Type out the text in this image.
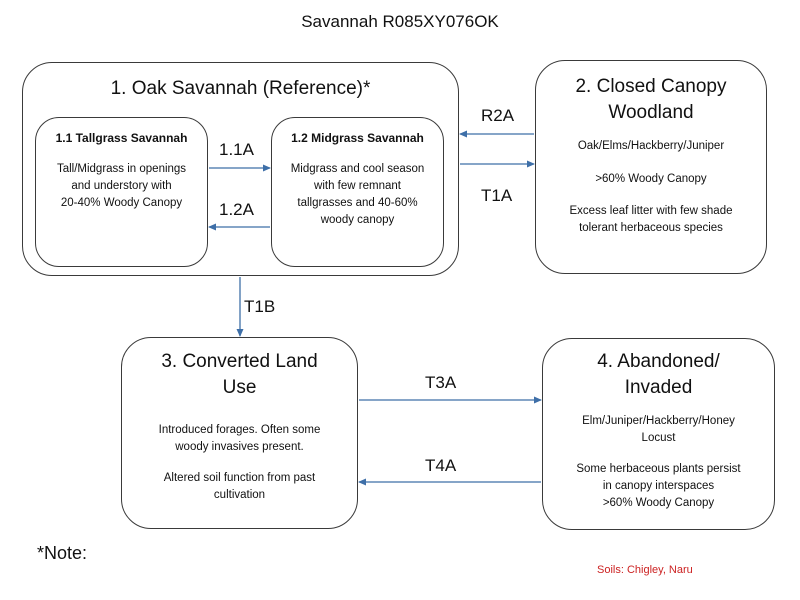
Savannah R085XY076OK
1. Oak Savannah (Reference)*
1.1 Tallgrass Savannah
Tall/Midgrass in openings
and understory with
20-40% Woody Canopy
1.2 Midgrass Savannah
Midgrass and cool season
with few remnant
tallgrasses and 40-60%
woody canopy
2. Closed Canopy
Woodland
Oak/Elms/Hackberry/Juniper
>60% Woody Canopy
Excess leaf litter with few shade
tolerant herbaceous species
3. Converted Land
Use
Introduced forages. Often some
woody invasives present.
Altered soil function from past
cultivation
4. Abandoned/
Invaded
Elm/Juniper/Hackberry/Honey
Locust
Some herbaceous plants persist
in canopy interspaces
>60% Woody Canopy
1.1A
1.2A
R2A
T1A
T1B
T3A
T4A
*Note:
Soils: Chigley, Naru
